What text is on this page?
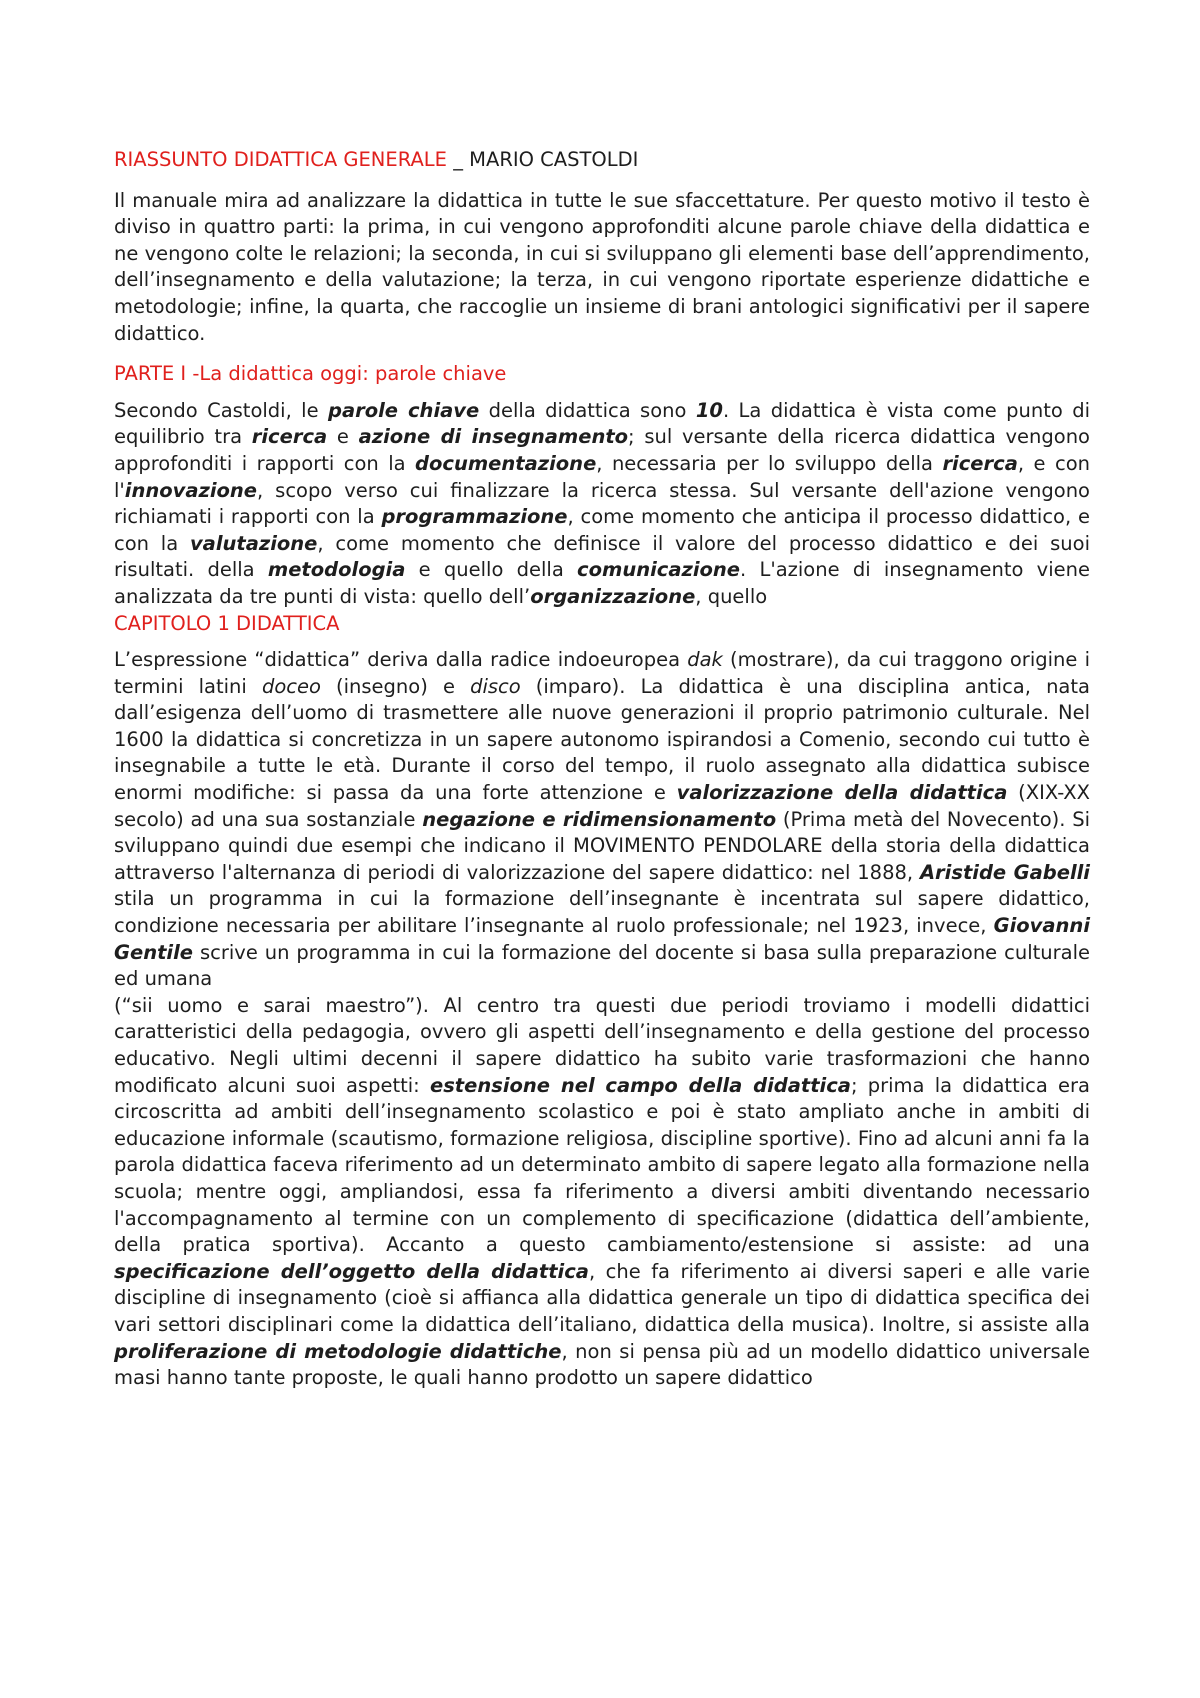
RIASSUNTO DIDATTICA GENERALE _ MARIO CASTOLDI

Il manuale mira ad analizzare la didattica in tutte le sue sfaccettature. Per questo motivo il testo è diviso in quattro parti: la prima, in cui vengono approfonditi alcune parole chiave della didattica e ne vengono colte le relazioni; la seconda, in cui si sviluppano gli elementi base dell’apprendimento, dell’insegnamento e della valutazione; la terza, in cui vengono riportate esperienze didattiche e metodologie; infine, la quarta, che raccoglie un insieme di brani antologici significativi per il sapere didattico.

PARTE I -La didattica oggi: parole chiave

Secondo Castoldi, le parole chiave della didattica sono 10. La didattica è vista come punto di equilibrio tra ricerca e azione di insegnamento; sul versante della ricerca didattica vengono approfonditi i rapporti con la documentazione, necessaria per lo sviluppo della ricerca, e con l'innovazione, scopo verso cui finalizzare la ricerca stessa. Sul versante dell'azione vengono richiamati i rapporti con la programmazione, come momento che anticipa il processo didattico, e con la valutazione, come momento che definisce il valore del processo didattico e dei suoi risultati. della metodologia e quello della comunicazione. L'azione di insegnamento viene analizzata da tre punti di vista: quello dell’organizzazione, quello

CAPITOLO 1 DIDATTICA

L’espressione “didattica” deriva dalla radice indoeuropea dak (mostrare), da cui traggono origine i termini latini doceo (insegno) e disco (imparo). La didattica è una disciplina antica, nata dall’esigenza dell’uomo di trasmettere alle nuove generazioni il proprio patrimonio culturale. Nel 1600 la didattica si concretizza in un sapere autonomo ispirandosi a Comenio, secondo cui tutto è insegnabile a tutte le età. Durante il corso del tempo, il ruolo assegnato alla didattica subisce enormi modifiche: si passa da una forte attenzione e valorizzazione della didattica (XIX-XX secolo) ad una sua sostanziale negazione e ridimensionamento (Prima metà del Novecento). Si sviluppano quindi due esempi che indicano il MOVIMENTO PENDOLARE della storia della didattica attraverso l'alternanza di periodi di valorizzazione del sapere didattico: nel 1888, Aristide Gabelli stila un programma in cui la formazione dell’insegnante è incentrata sul sapere didattico, condizione necessaria per abilitare l’insegnante al ruolo professionale; nel 1923, invece, Giovanni Gentile scrive un programma in cui la formazione del docente si basa sulla preparazione culturale ed umana

(“sii uomo e sarai maestro”). Al centro tra questi due periodi troviamo i modelli didattici caratteristici della pedagogia, ovvero gli aspetti dell’insegnamento e della gestione del processo educativo. Negli ultimi decenni il sapere didattico ha subito varie trasformazioni che hanno modificato alcuni suoi aspetti: estensione nel campo della didattica; prima la didattica era circoscritta ad ambiti dell’insegnamento scolastico e poi è stato ampliato anche in ambiti di educazione informale (scautismo, formazione religiosa, discipline sportive). Fino ad alcuni anni fa la parola didattica faceva riferimento ad un determinato ambito di sapere legato alla formazione nella scuola; mentre oggi, ampliandosi, essa fa riferimento a diversi ambiti diventando necessario l'accompagnamento al termine con un complemento di specificazione (didattica dell’ambiente, della pratica sportiva). Accanto a questo cambiamento/estensione si assiste: ad una specificazione dell’oggetto della didattica, che fa riferimento ai diversi saperi e alle varie discipline di insegnamento (cioè si affianca alla didattica generale un tipo di didattica specifica dei vari settori disciplinari come la didattica dell’italiano, didattica della musica). Inoltre, si assiste alla proliferazione di metodologie didattiche, non si pensa più ad un modello didattico universale masi hanno tante proposte, le quali hanno prodotto un sapere didattico
